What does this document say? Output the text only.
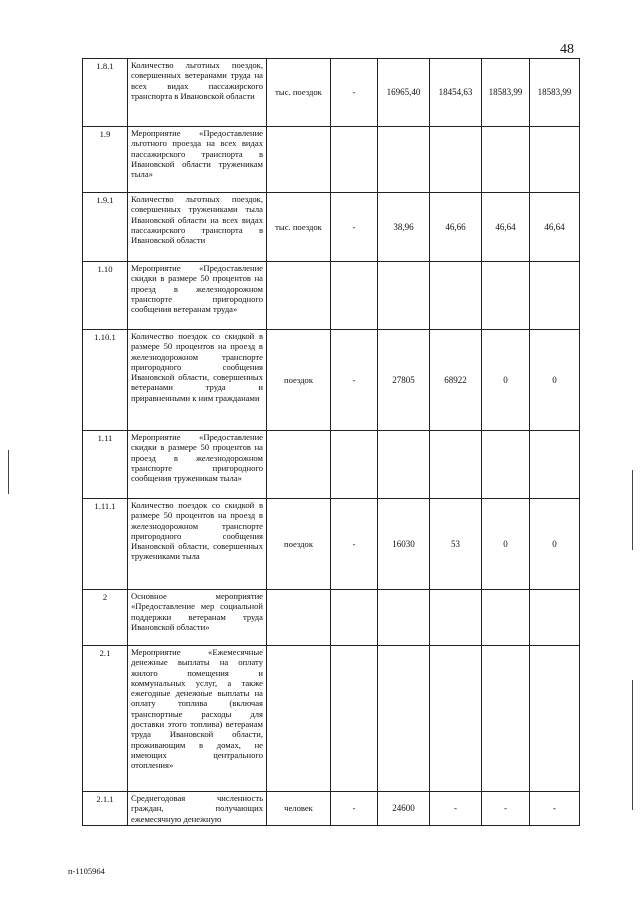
48
1.8.1	Количество льготных поездок, совершенных ветеранами труда на всех видах пассажирского транспорта в Ивановской области	тыс. поездок	-	16965,40	18454,63	18583,99	18583,99
1.9	Мероприятие «Предоставление льготного проезда на всех видах пассажирского транспорта в Ивановской области труженикам тыла»						
1.9.1	Количество льготных поездок, совершенных тружениками тыла Ивановской области на всех видах пассажирского транспорта в Ивановской области	тыс. поездок	-	38,96	46,66	46,64	46,64
1.10	Мероприятие «Предоставление скидки в размере 50 процентов на проезд в железнодорожном транспорте пригородного сообщения ветеранам труда»						
1.10.1	Количество поездок со скидкой в размере 50 процентов на проезд в железнодорожном транспорте пригородного сообщения Ивановской области, совершенных ветеранами труда и приравненными к ним гражданами	поездок	-	27805	68922	0	0
1.11	Мероприятие «Предоставление скидки в размере 50 процентов на проезд в железнодорожном транспорте пригородного сообщения труженикам тыла»						
1.11.1	Количество поездок со скидкой в размере 50 процентов на проезд в железнодорожном транспорте пригородного сообщения Ивановской области, совершенных тружениками тыла	поездок	-	16030	53	0	0
2	Основное мероприятие «Предоставление мер социальной поддержки ветеранам труда Ивановской области»						
2.1	Мероприятие «Ежемесячные денежные выплаты на оплату жилого помещения и коммунальных услуг, а также ежегодные денежные выплаты на оплату топлива (включая транспортные расходы для доставки этого топлива) ветеранам труда Ивановской области, проживающим в домах, не имеющих центрального отопления»						
2.1.1	Среднегодовая численность граждан, получающих ежемесячную денежную	человек	-	24600	-	-	-
п-1105964
